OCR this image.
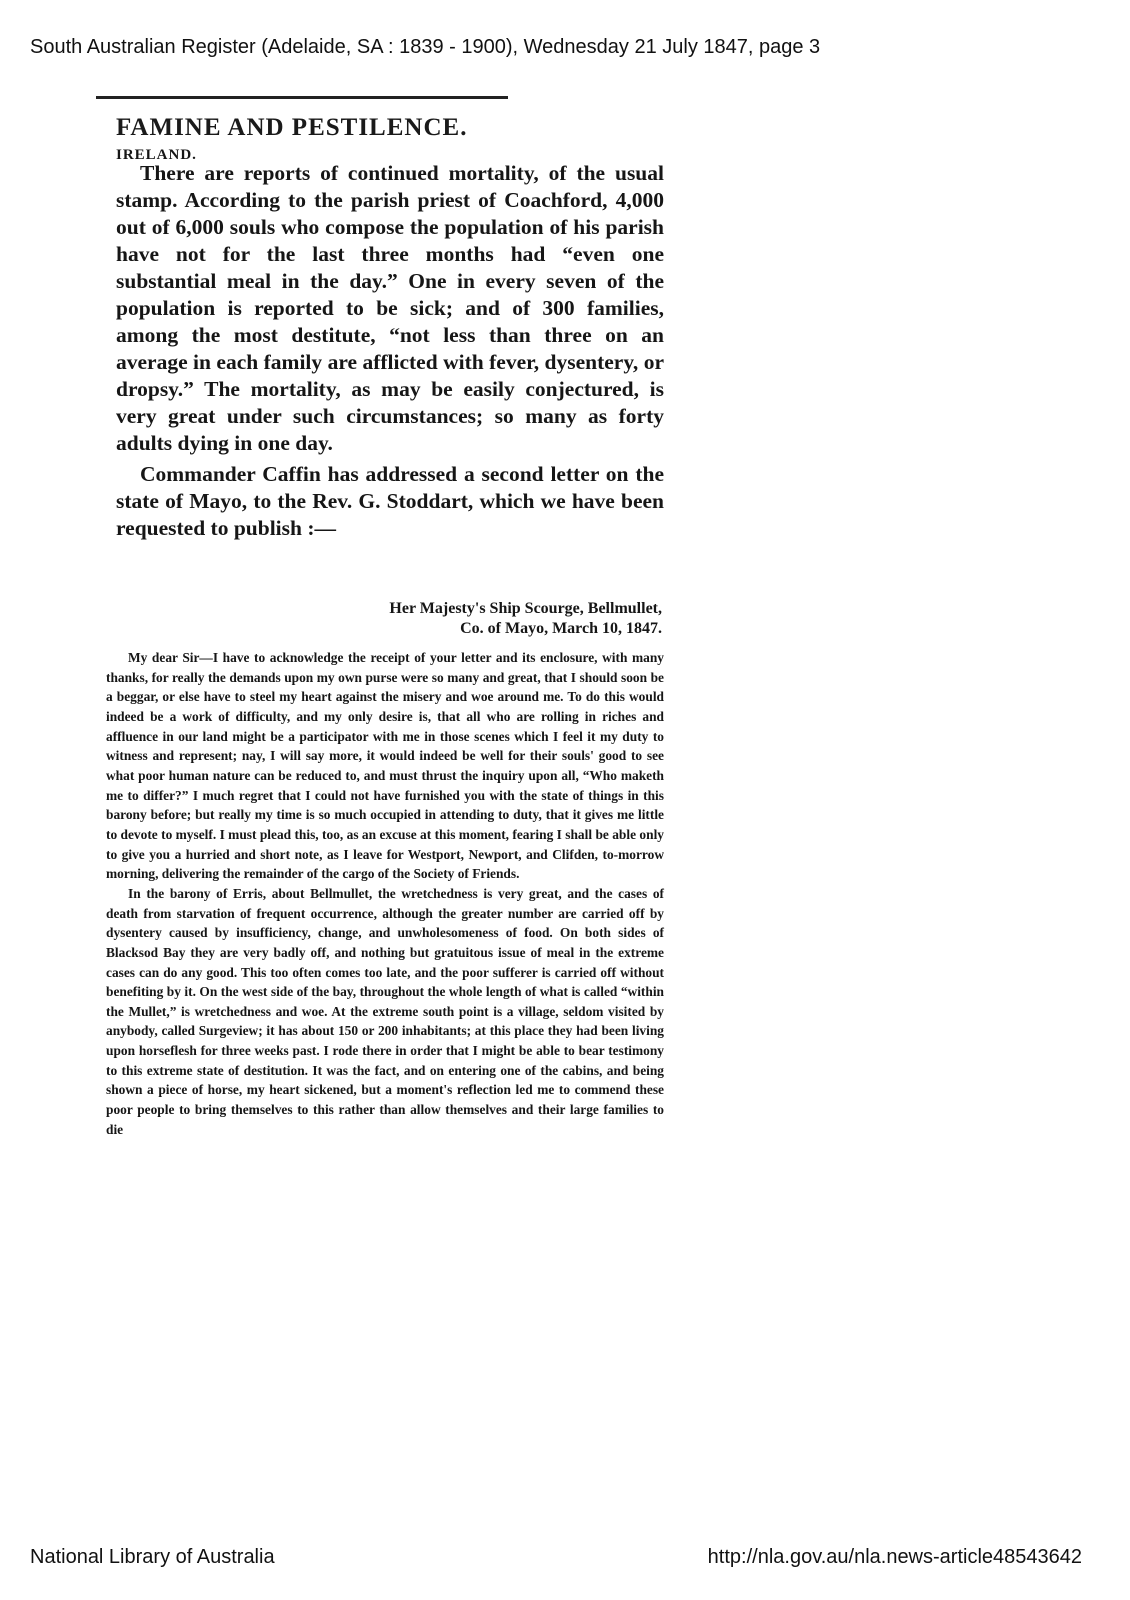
South Australian Register (Adelaide, SA : 1839 - 1900), Wednesday 21 July 1847, page 3
FAMINE AND PESTILENCE.
IRELAND.

There are reports of continued mortality, of the usual stamp. According to the parish priest of Coachford, 4,000 out of 6,000 souls who compose the population of his parish have not for the last three months had “even one substantial meal in the day.” One in every seven of the population is reported to be sick; and of 300 families, among the most destitute, “not less than three on an average in each family are afflicted with fever, dysentery, or dropsy.” The mortality, as may be easily conjectured, is very great under such circumstances; so many as forty adults dying in one day.

Commander Caffin has addressed a second letter on the state of Mayo, to the Rev. G. Stoddart, which we have been requested to publish :—

Her Majesty's Ship Scourge, Bellmullet,
Co. of Mayo, March 10, 1847.

My dear Sir—I have to acknowledge the receipt of your letter and its enclosure, with many thanks, for really the demands upon my own purse were so many and great, that I should soon be a beggar, or else have to steel my heart against the misery and woe around me. To do this would indeed be a work of difficulty, and my only desire is, that all who are rolling in riches and affluence in our land might be a participator with me in those scenes which I feel it my duty to witness and represent; nay, I will say more, it would indeed be well for their souls' good to see what poor human nature can be reduced to, and must thrust the inquiry upon all, “Who maketh me to differ?” I much regret that I could not have furnished you with the state of things in this barony before; but really my time is so much occupied in attending to duty, that it gives me little to devote to myself. I must plead this, too, as an excuse at this moment, fearing I shall be able only to give you a hurried and short note, as I leave for Westport, Newport, and Clifden, to-morrow morning, delivering the remainder of the cargo of the Society of Friends.

In the barony of Erris, about Bellmullet, the wretchedness is very great, and the cases of death from starvation of frequent occurrence, although the greater number are carried off by dysentery caused by insufficiency, change, and unwholesomeness of food. On both sides of Blacksod Bay they are very badly off, and nothing but gratuitous issue of meal in the extreme cases can do any good. This too often comes too late, and the poor sufferer is carried off without benefiting by it. On the west side of the bay, throughout the whole length of what is called “within the Mullet,” is wretchedness and woe. At the extreme south point is a village, seldom visited by anybody, called Surgeview; it has about 150 or 200 inhabitants; at this place they had been living upon horseflesh for three weeks past. I rode there in order that I might be able to bear testimony to this extreme state of destitution. It was the fact, and on entering one of the cabins, and being shown a piece of horse, my heart sickened, but a moment's reflection led me to commend these poor people to bring themselves to this rather than allow themselves and their large families to die

National Library of Australia	http://nla.gov.au/nla.news-article48543642
